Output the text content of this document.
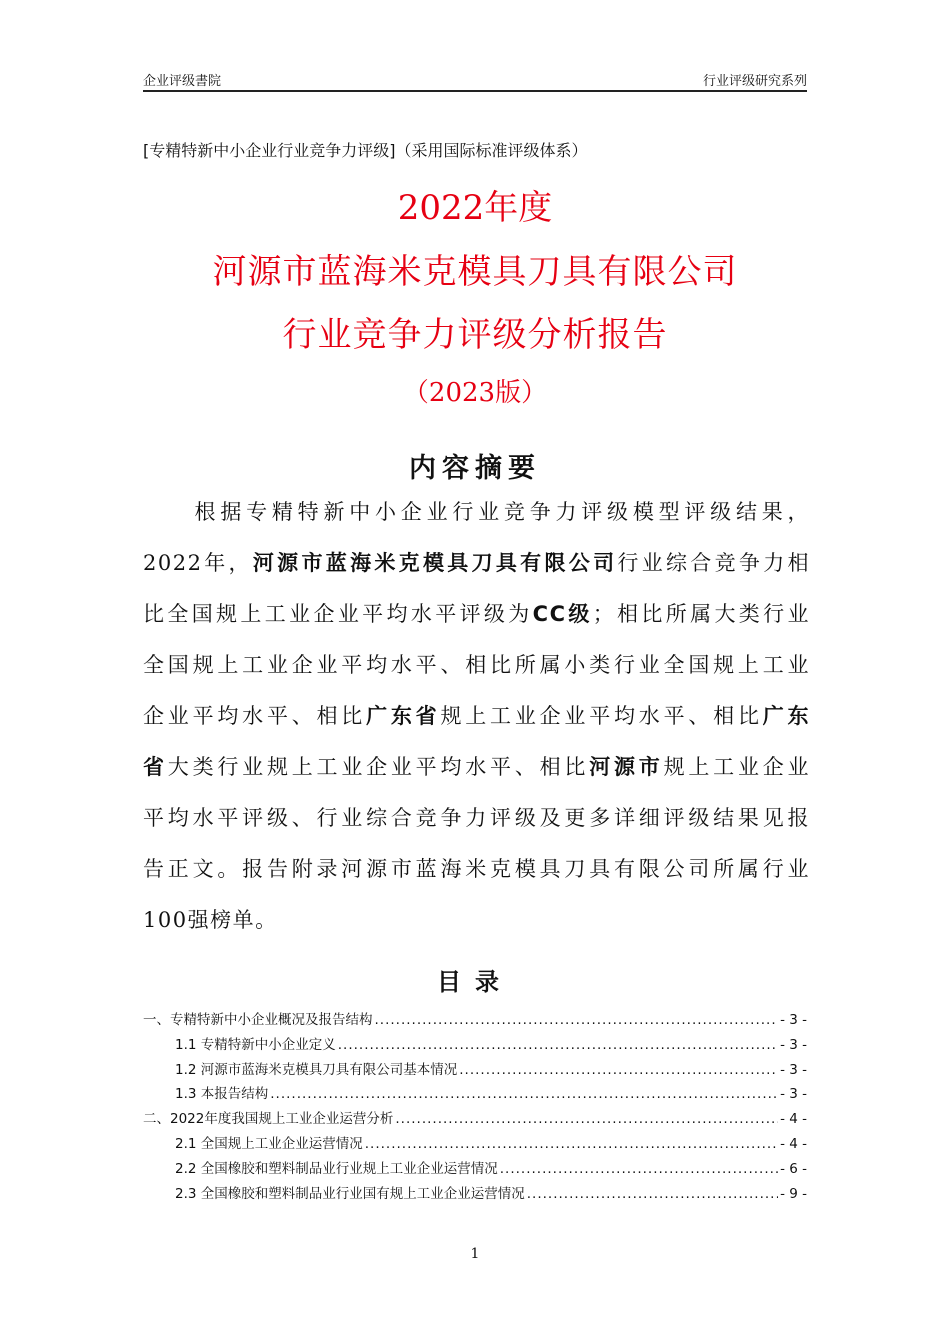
企业评级書院	行业评级研究系列
[专精特新中小企业行业竞争力评级]（采用国际标准评级体系）
2022年度
河源市蓝海米克模具刀具有限公司
行业竞争力评级分析报告
（2023版）
内容摘要
　　根据专精特新中小企业行业竞争力评级模型评级结果，
2022年，河源市蓝海米克模具刀具有限公司行业综合竞争力相
比全国规上工业企业平均水平评级为CC级；相比所属大类行业
全国规上工业企业平均水平、相比所属小类行业全国规上工业
企业平均水平、相比广东省规上工业企业平均水平、相比广东
省大类行业规上工业企业平均水平、相比河源市规上工业企业
平均水平评级、行业综合竞争力评级及更多详细评级结果见报
告正文。报告附录河源市蓝海米克模具刀具有限公司所属行业
100强榜单。
目录
一、专精特新中小企业概况及报告结构 .....	- 3 -
1.1 专精特新中小企业定义 .....	- 3 -
1.2 河源市蓝海米克模具刀具有限公司基本情况 .....	- 3 -
1.3 本报告结构 .....	- 3 -
二、2022年度我国规上工业企业运营分析 .....	- 4 -
2.1 全国规上工业企业运营情况 .....	- 4 -
2.2 全国橡胶和塑料制品业行业规上工业企业运营情况 .....	- 6 -
2.3 全国橡胶和塑料制品业行业国有规上工业企业运营情况 .....	- 9 -
1
